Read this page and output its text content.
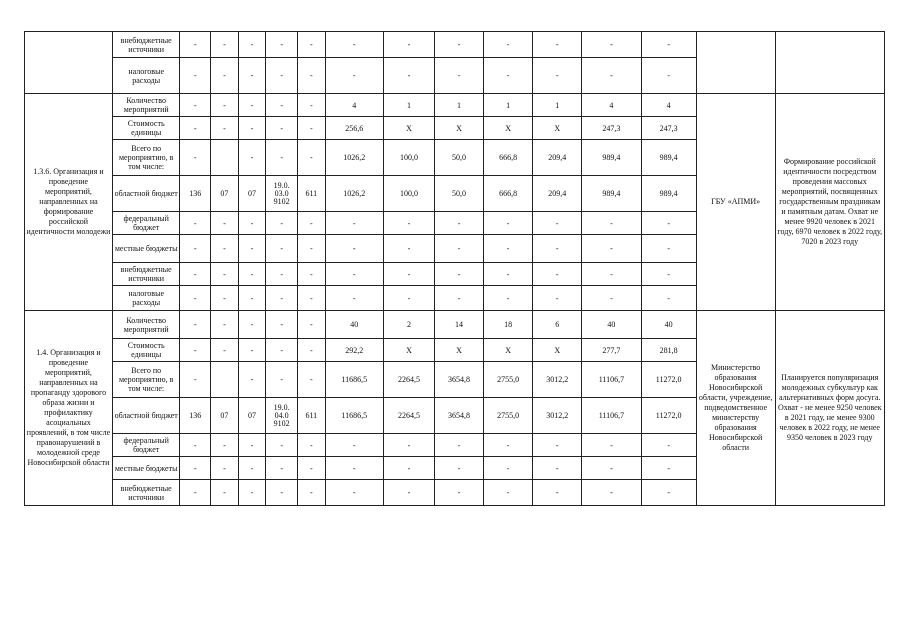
	внебюджетные источники	-	-	-	-	-	-	-	-	-	-	-	-		
	налоговые расходы	-	-	-	-	-	-	-	-	-	-	-	-		
1.3.6. Организация и проведение мероприятий, направленных на формирование российской идентичности молодежи	Количество мероприятий	-	-	-	-	-	4	1	1	1	1	4	4	ГБУ «АПМИ»	Формирование российской идентичности посредством проведения массовых мероприятий, посвященных государственным праздникам и памятным датам. Охват не менее 9920 человек в 2021 году, 6970 человек в 2022 году, 7020 в 2023 году
	Стоимость единицы	-	-	-	-	-	256,6	X	X	X	X	247,3	247,3		
	Всего по мероприятию, в том числе:	-		-	-	-	1026,2	100,0	50,0	666,8	209,4	989,4	989,4		
	областной бюджет	136	07	07	19.0.
03.0
9102	611	1026,2	100,0	50,0	666,8	209,4	989,4	989,4		
	федеральный бюджет	-	-	-	-	-	-	-	-	-	-	-	-		
	местные бюджеты	-	-	-	-	-	-	-	-	-	-	-	-		
	внебюджетные источники	-	-	-	-	-	-	-	-	-	-	-	-		
	налоговые расходы	-	-	-	-	-	-	-	-	-	-	-	-		
1.4. Организация и проведение мероприятий, направленных на пропаганду здорового образа жизни и профилактику асоциальных проявлений, в том числе правонарушений в молодежной среде Новосибирской области	Количество мероприятий	-	-	-	-	-	40	2	14	18	6	40	40	Министерство образования Новосибирской области, учреждение, подведомственное министерству образования Новосибирской области	Планируется популяризация молодежных субкультур как альтернативных форм досуга. Охват - не менее 9250 человек в 2021 году, не менее 9300 человек в 2022 году, не менее 9350 человек в 2023 году
	Стоимость единицы	-	-	-	-	-	292,2	X	X	X	X	277,7	281,8		
	Всего по мероприятию, в том числе:	-		-	-	-	11686,5	2264,5	3654,8	2755,0	3012,2	11106,7	11272,0		
	областной бюджет	136	07	07	19.0.
04.0
9102	611	11686,5	2264,5	3654,8	2755,0	3012,2	11106,7	11272,0		
	федеральный бюджет	-	-	-	-	-	-	-	-	-	-	-	-		
	местные бюджеты	-	-	-	-	-	-	-	-	-	-	-	-		
	внебюджетные источники	-	-	-	-	-	-	-	-	-	-	-	-		
